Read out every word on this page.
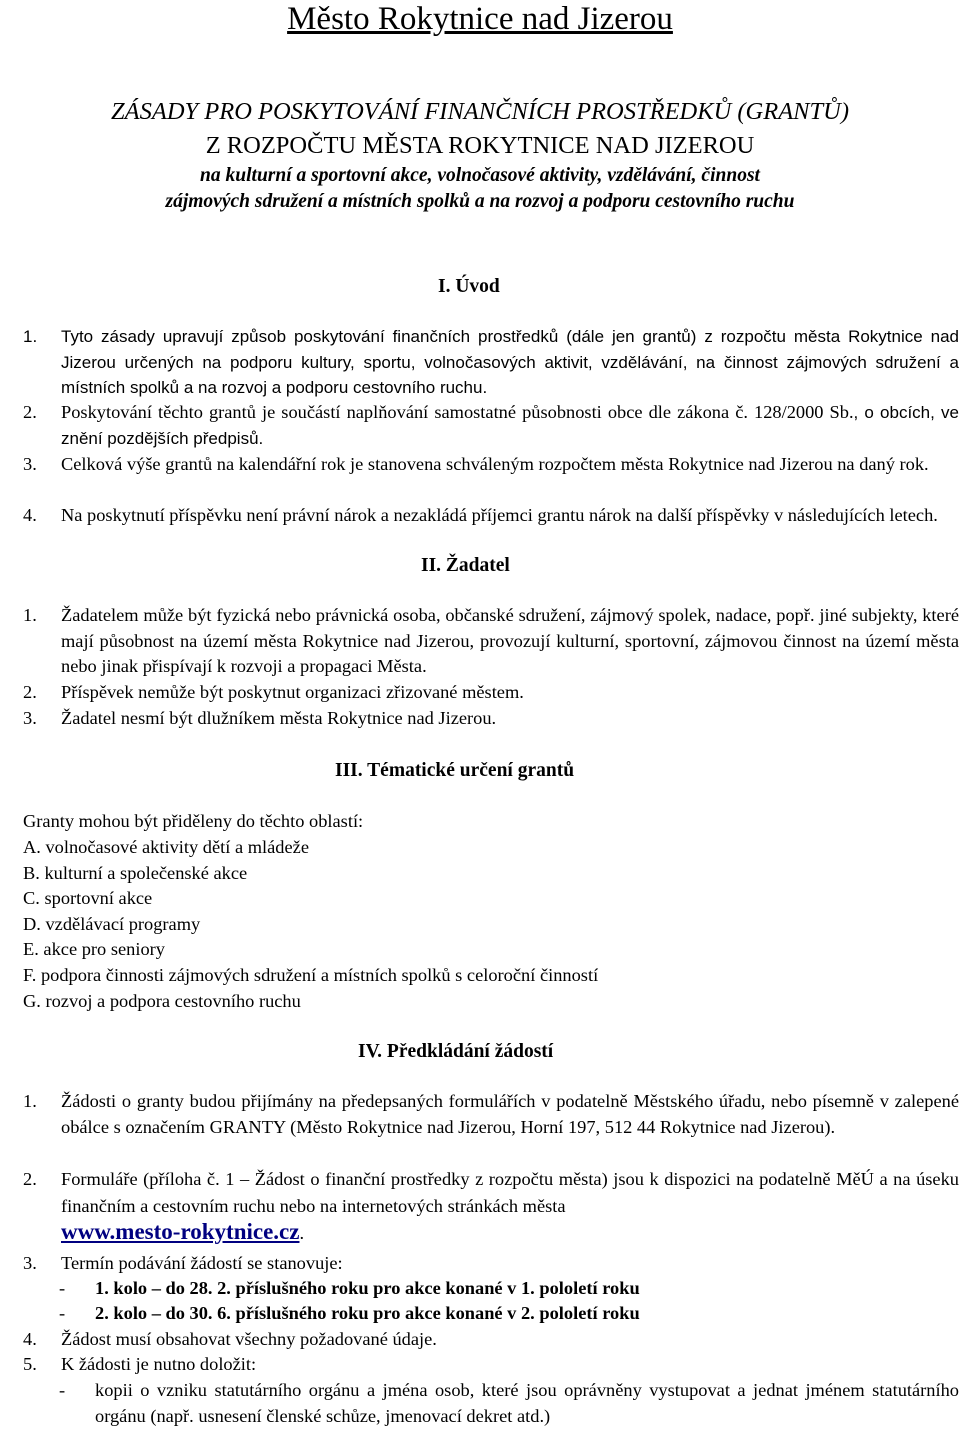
Město Rokytnice nad Jizerou
ZÁSADY PRO POSKYTOVÁNÍ FINANČNÍCH PROSTŘEDKŮ (GRANTŮ)
Z ROZPOČTU MĚSTA ROKYTNICE NAD JIZEROU
na kulturní a sportovní akce, volnočasové aktivity, vzdělávání, činnost
zájmových sdružení a místních spolků a na rozvoj a podporu cestovního ruchu
I. Úvod
1. Tyto zásady upravují způsob poskytování finančních prostředků (dále jen grantů) z rozpočtu města Rokytnice nad Jizerou určených na podporu kultury, sportu, volnočasových aktivit, vzdělávání, na činnost zájmových sdružení a místních spolků a na rozvoj a podporu cestovního ruchu.
2. Poskytování těchto grantů je součástí naplňování samostatné působnosti obce dle zákona č. 128/2000 Sb., o obcích, ve znění pozdějších předpisů.
3. Celková výše grantů na kalendářní rok je stanovena schváleným rozpočtem města Rokytnice nad Jizerou na daný rok.
4. Na poskytnutí příspěvku není právní nárok a nezakládá příjemci grantu nárok na další příspěvky v následujících letech.
II. Žadatel
1. Žadatelem může být fyzická nebo právnická osoba, občanské sdružení, zájmový spolek, nadace, popř. jiné subjekty, které mají působnost na území města Rokytnice nad Jizerou, provozují kulturní, sportovní, zájmovou činnost na území města nebo jinak přispívají k rozvoji a propagaci Města.
2. Příspěvek nemůže být poskytnut organizaci zřizované městem.
3. Žadatel nesmí být dlužníkem města Rokytnice nad Jizerou.
III. Tématické určení grantů
Granty mohou být přiděleny do těchto oblastí:
A. volnočasové aktivity dětí a mládeže
B. kulturní a společenské akce
C. sportovní akce
D. vzdělávací programy
E. akce pro seniory
F. podpora činnosti zájmových sdružení a místních spolků s celoroční činností
G. rozvoj a podpora cestovního ruchu
IV. Předkládání žádostí
1. Žádosti o granty budou přijímány na předepsaných formulářích v podatelně Městského úřadu, nebo písemně v zalepené obálce s označením GRANTY (Město Rokytnice nad Jizerou, Horní 197, 512 44 Rokytnice nad Jizerou).
2. Formuláře (příloha č. 1 – Žádost o finanční prostředky z rozpočtu města) jsou k dispozici na podatelně MěÚ a na úseku finančním a cestovním ruchu nebo na internetových stránkách města
www.mesto-rokytnice.cz.
3. Termín podávání žádostí se stanovuje:
- 1. kolo – do 28. 2. příslušného roku pro akce konané v 1. pololetí roku
- 2. kolo – do 30. 6. příslušného roku pro akce konané v 2. pololetí roku
4. Žádost musí obsahovat všechny požadované údaje.
5. K žádosti je nutno doložit:
- kopii o vzniku statutárního orgánu a jména osob, které jsou oprávněny vystupovat a jednat jménem statutárního orgánu (např. usnesení členské schůze, jmenovací dekret atd.)
